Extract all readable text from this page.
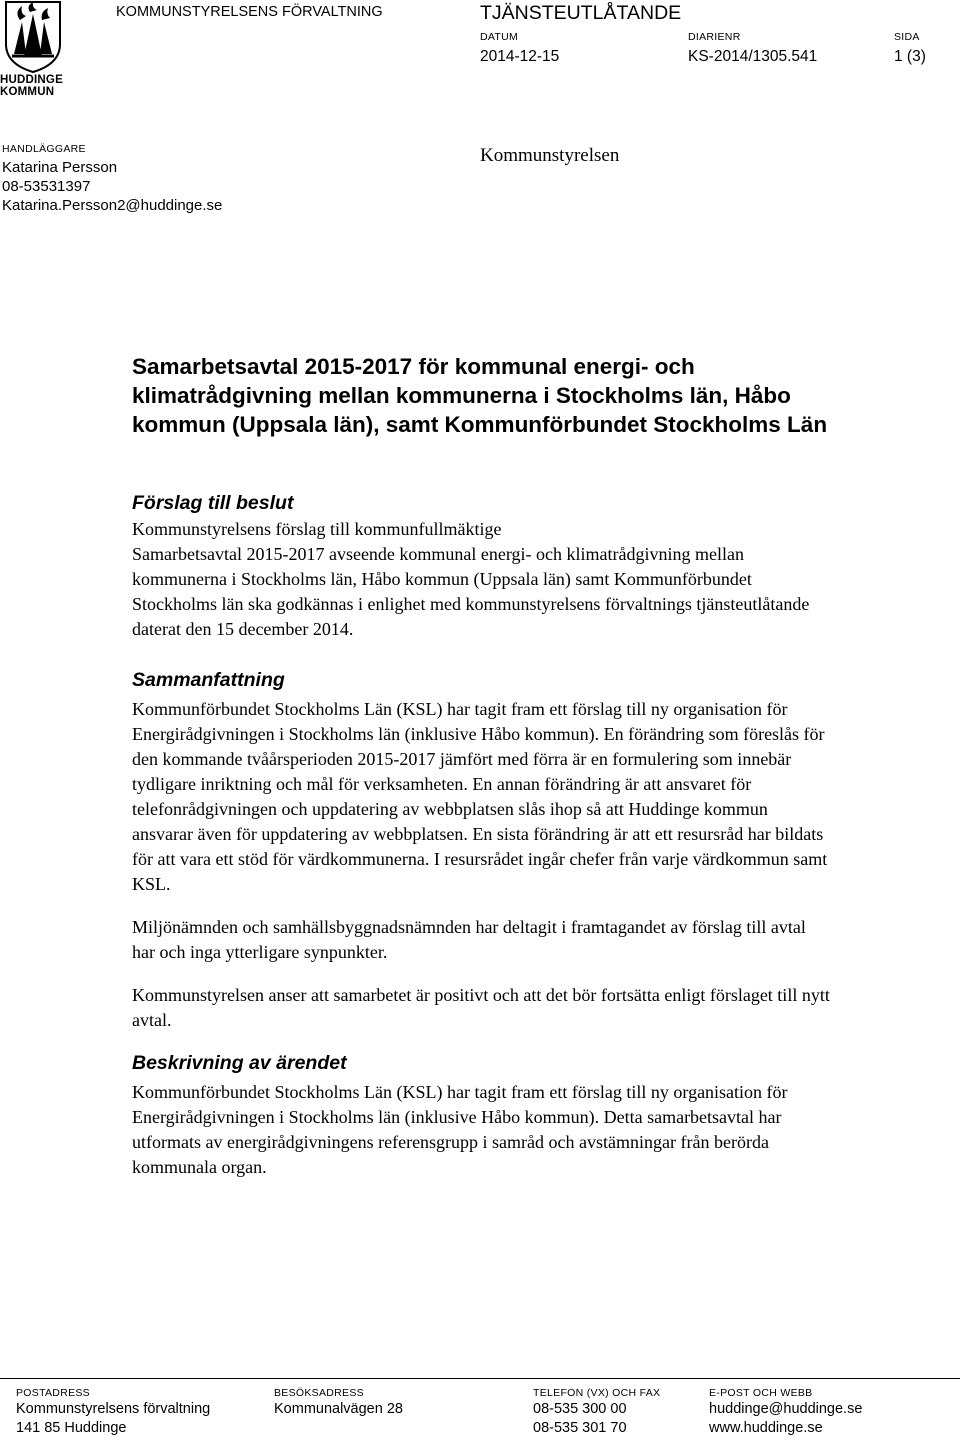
HUDDINGE
KOMMUN
KOMMUNSTYRELSENS FÖRVALTNING	TJÄNSTEUTLÅTANDE
DATUM
2014-12-15
DIARIENR
KS-2014/1305.541
SIDA
1 (3)
HANDLÄGGARE
Katarina Persson
08-53531397
Katarina.Persson2@huddinge.se
Kommunstyrelsen
Samarbetsavtal 2015-2017 för kommunal energi- och klimatrådgivning mellan kommunerna i Stockholms län, Håbo kommun (Uppsala län), samt Kommunförbundet Stockholms Län
Förslag till beslut

Kommunstyrelsens förslag till kommunfullmäktige
Samarbetsavtal 2015-2017 avseende kommunal energi- och klimatrådgivning mellan kommunerna i Stockholms län, Håbo kommun (Uppsala län) samt Kommunförbundet Stockholms län ska godkännas i enlighet med kommunstyrelsens förvaltnings tjänsteutlåtande daterat den 15 december 2014.

Sammanfattning

Kommunförbundet Stockholms Län (KSL) har tagit fram ett förslag till ny organisation för Energirådgivningen i Stockholms län (inklusive Håbo kommun). En förändring som föreslås för den kommande tvåårsperioden 2015-2017 jämfört med förra är en formulering som innebär tydligare inriktning och mål för verksamheten. En annan förändring är att ansvaret för telefonrådgivningen och uppdatering av webbplatsen slås ihop så att Huddinge kommun ansvarar även för uppdatering av webbplatsen. En sista förändring är att ett resursråd har bildats för att vara ett stöd för värdkommunerna. I resursrådet ingår chefer från varje värdkommun samt KSL.

Miljönämnden och samhällsbyggnadsnämnden har deltagit i framtagandet av förslag till avtal har och inga ytterligare synpunkter.

Kommunstyrelsen anser att samarbetet är positivt och att det bör fortsätta enligt förslaget till nytt avtal.

Beskrivning av ärendet

Kommunförbundet Stockholms Län (KSL) har tagit fram ett förslag till ny organisation för Energirådgivningen i Stockholms län (inklusive Håbo kommun). Detta samarbetsavtal har utformats av energirådgivningens referensgrupp i samråd och avstämningar från berörda kommunala organ.

POSTADRESS
Kommunstyrelsens förvaltning
141 85 Huddinge
BESÖKSADRESS
Kommunalvägen 28
TELEFON (VX) OCH FAX
08-535 300 00
08-535 301 70
E-POST OCH WEBB
huddinge@huddinge.se
www.huddinge.se
